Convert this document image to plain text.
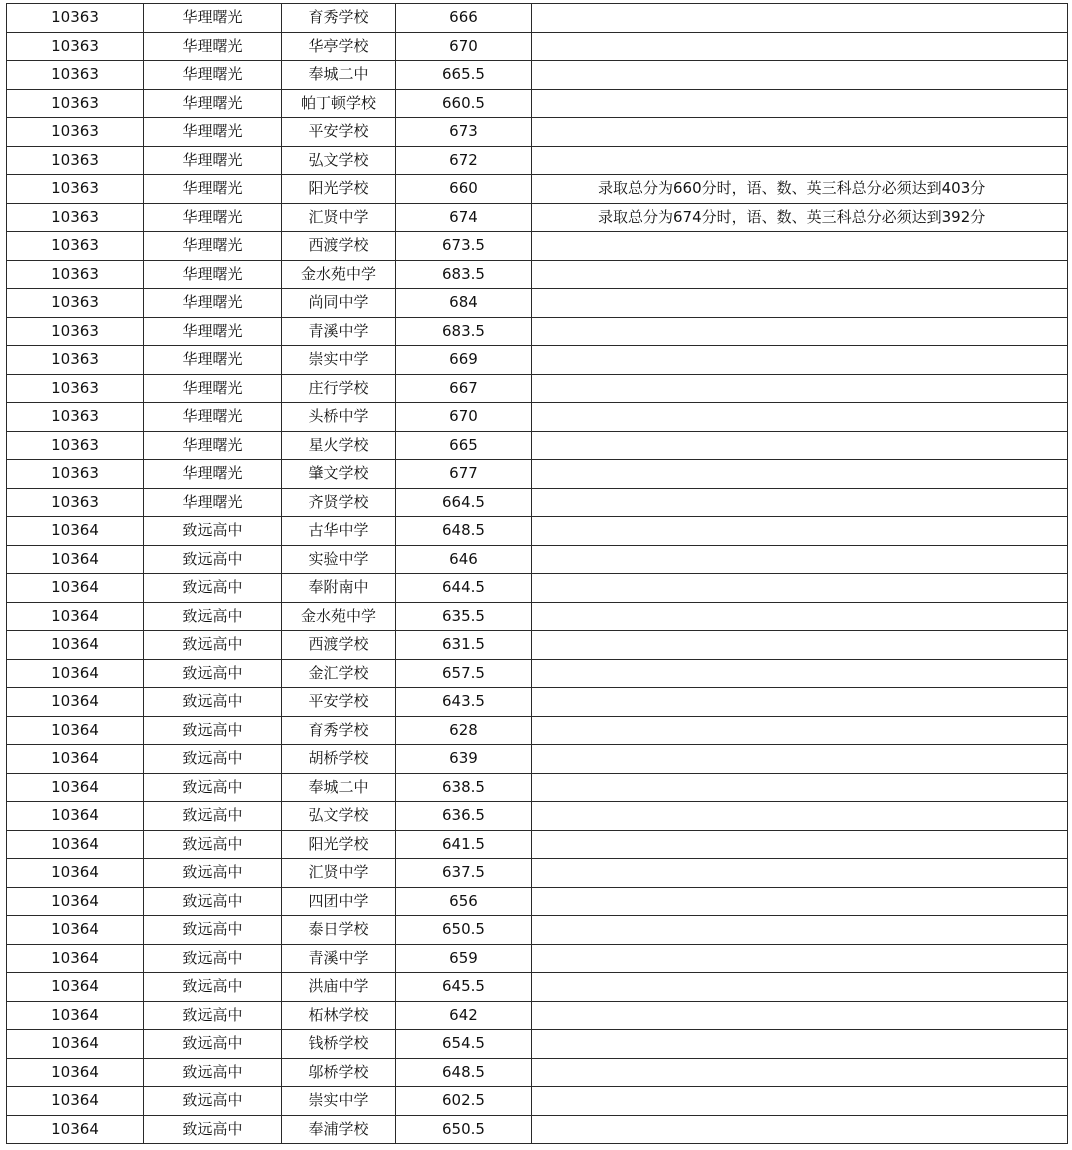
10363	华理曙光	育秀学校	666	
10363	华理曙光	华亭学校	670	
10363	华理曙光	奉城二中	665.5	
10363	华理曙光	帕丁顿学校	660.5	
10363	华理曙光	平安学校	673	
10363	华理曙光	弘文学校	672	
10363	华理曙光	阳光学校	660	录取总分为660分时，语、数、英三科总分必须达到403分
10363	华理曙光	汇贤中学	674	录取总分为674分时，语、数、英三科总分必须达到392分
10363	华理曙光	西渡学校	673.5	
10363	华理曙光	金水苑中学	683.5	
10363	华理曙光	尚同中学	684	
10363	华理曙光	青溪中学	683.5	
10363	华理曙光	崇实中学	669	
10363	华理曙光	庄行学校	667	
10363	华理曙光	头桥中学	670	
10363	华理曙光	星火学校	665	
10363	华理曙光	肇文学校	677	
10363	华理曙光	齐贤学校	664.5	
10364	致远高中	古华中学	648.5	
10364	致远高中	实验中学	646	
10364	致远高中	奉附南中	644.5	
10364	致远高中	金水苑中学	635.5	
10364	致远高中	西渡学校	631.5	
10364	致远高中	金汇学校	657.5	
10364	致远高中	平安学校	643.5	
10364	致远高中	育秀学校	628	
10364	致远高中	胡桥学校	639	
10364	致远高中	奉城二中	638.5	
10364	致远高中	弘文学校	636.5	
10364	致远高中	阳光学校	641.5	
10364	致远高中	汇贤中学	637.5	
10364	致远高中	四团中学	656	
10364	致远高中	泰日学校	650.5	
10364	致远高中	青溪中学	659	
10364	致远高中	洪庙中学	645.5	
10364	致远高中	柘林学校	642	
10364	致远高中	钱桥学校	654.5	
10364	致远高中	邬桥学校	648.5	
10364	致远高中	崇实中学	602.5	
10364	致远高中	奉浦学校	650.5	
